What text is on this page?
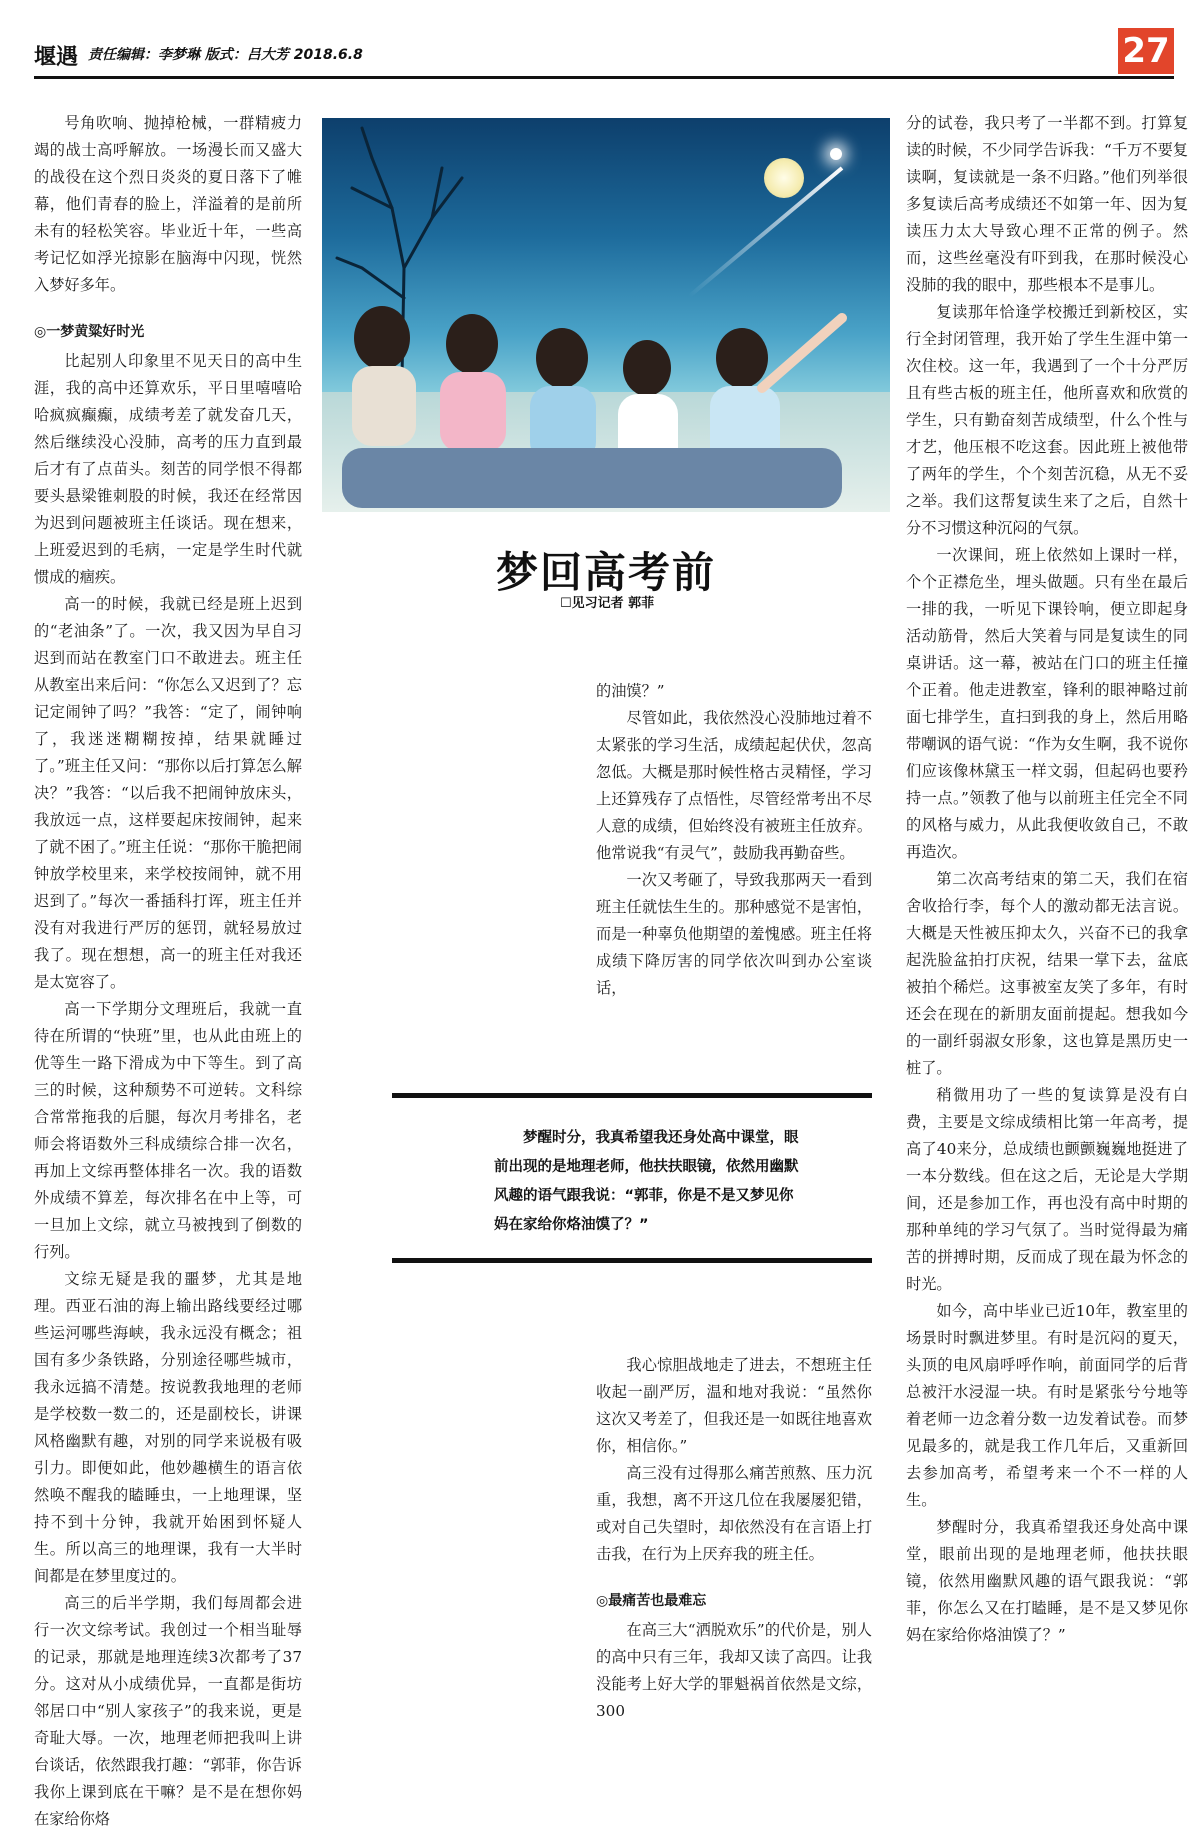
堰遇 责任编辑：李梦琳 版式：吕大芳 2018.6.8	27

号角吹响、抛掉枪械，一群精疲力竭的战士高呼解放。一场漫长而又盛大的战役在这个烈日炎炎的夏日落下了帷幕，他们青春的脸上，洋溢着的是前所未有的轻松笑容。毕业近十年，一些高考记忆如浮光掠影在脑海中闪现，恍然入梦好多年。

◎一梦黄粱好时光

比起别人印象里不见天日的高中生涯，我的高中还算欢乐，平日里嘻嘻哈哈疯疯癫癫，成绩考差了就发奋几天，然后继续没心没肺，高考的压力直到最后才有了点苗头。刻苦的同学恨不得都要头悬梁锥刺股的时候，我还在经常因为迟到问题被班主任谈话。现在想来，上班爱迟到的毛病，一定是学生时代就惯成的痼疾。

高一的时候，我就已经是班上迟到的“老油条”了。一次，我又因为早自习迟到而站在教室门口不敢进去。班主任从教室出来后问：“你怎么又迟到了？忘记定闹钟了吗？”我答：“定了，闹钟响了，我迷迷糊糊按掉，结果就睡过了。”班主任又问：“那你以后打算怎么解决？”我答：“以后我不把闹钟放床头，我放远一点，这样要起床按闹钟，起来了就不困了。”班主任说：“那你干脆把闹钟放学校里来，来学校按闹钟，就不用迟到了。”每次一番插科打诨，班主任并没有对我进行严厉的惩罚，就轻易放过我了。现在想想，高一的班主任对我还是太宽容了。

高一下学期分文理班后，我就一直待在所谓的“快班”里，也从此由班上的优等生一路下滑成为中下等生。到了高三的时候，这种颓势不可逆转。文科综合常常拖我的后腿，每次月考排名，老师会将语数外三科成绩综合排一次名，再加上文综再整体排名一次。我的语数外成绩不算差，每次排名在中上等，可一旦加上文综，就立马被拽到了倒数的行列。

文综无疑是我的噩梦，尤其是地理。西亚石油的海上输出路线要经过哪些运河哪些海峡，我永远没有概念；祖国有多少条铁路，分别途径哪些城市，我永远搞不清楚。按说教我地理的老师是学校数一数二的，还是副校长，讲课风格幽默有趣，对别的同学来说极有吸引力。即便如此，他妙趣横生的语言依然唤不醒我的瞌睡虫，一上地理课，坚持不到十分钟，我就开始困到怀疑人生。所以高三的地理课，我有一大半时间都是在梦里度过的。

高三的后半学期，我们每周都会进行一次文综考试。我创过一个相当耻辱的记录，那就是地理连续3次都考了37分。这对从小成绩优异，一直都是街坊邻居口中“别人家孩子”的我来说，更是奇耻大辱。一次，地理老师把我叫上讲台谈话，依然跟我打趣：“郭菲，你告诉我你上课到底在干嘛？是不是在想你妈在家给你烙

梦回高考前
☐见习记者 郭菲

的油馍？”

尽管如此，我依然没心没肺地过着不太紧张的学习生活，成绩起起伏伏，忽高忽低。大概是那时候性格古灵精怪，学习上还算残存了点悟性，尽管经常考出不尽人意的成绩，但始终没有被班主任放弃。他常说我“有灵气”，鼓励我再勤奋些。

一次又考砸了，导致我那两天一看到班主任就怯生生的。那种感觉不是害怕，而是一种辜负他期望的羞愧感。班主任将成绩下降厉害的同学依次叫到办公室谈话，

梦醒时分，我真希望我还身处高中课堂，眼前出现的是地理老师，他扶扶眼镜，依然用幽默风趣的语气跟我说：“郭菲，你是不是又梦见你妈在家给你烙油馍了？”

我心惊胆战地走了进去，不想班主任收起一副严厉，温和地对我说：“虽然你这次又考差了，但我还是一如既往地喜欢你，相信你。”

高三没有过得那么痛苦煎熬、压力沉重，我想，离不开这几位在我屡屡犯错，或对自己失望时，却依然没有在言语上打击我，在行为上厌弃我的班主任。

◎最痛苦也最难忘

在高三大“洒脱欢乐”的代价是，别人的高中只有三年，我却又读了高四。让我没能考上好大学的罪魁祸首依然是文综，300

分的试卷，我只考了一半都不到。打算复读的时候，不少同学告诉我：“千万不要复读啊，复读就是一条不归路。”他们列举很多复读后高考成绩还不如第一年、因为复读压力太大导致心理不正常的例子。然而，这些丝毫没有吓到我，在那时候没心没肺的我的眼中，那些根本不是事儿。

复读那年恰逢学校搬迁到新校区，实行全封闭管理，我开始了学生生涯中第一次住校。这一年，我遇到了一个十分严厉且有些古板的班主任，他所喜欢和欣赏的学生，只有勤奋刻苦成绩型，什么个性与才艺，他压根不吃这套。因此班上被他带了两年的学生，个个刻苦沉稳，从无不妥之举。我们这帮复读生来了之后，自然十分不习惯这种沉闷的气氛。

一次课间，班上依然如上课时一样，个个正襟危坐，埋头做题。只有坐在最后一排的我，一听见下课铃响，便立即起身活动筋骨，然后大笑着与同是复读生的同桌讲话。这一幕，被站在门口的班主任撞个正着。他走进教室，锋利的眼神略过前面七排学生，直扫到我的身上，然后用略带嘲讽的语气说：“作为女生啊，我不说你们应该像林黛玉一样文弱，但起码也要矜持一点。”领教了他与以前班主任完全不同的风格与威力，从此我便收敛自己，不敢再造次。

第二次高考结束的第二天，我们在宿舍收拾行李，每个人的激动都无法言说。大概是天性被压抑太久，兴奋不已的我拿起洗脸盆拍打庆祝，结果一掌下去，盆底被拍个稀烂。这事被室友笑了多年，有时还会在现在的新朋友面前提起。想我如今的一副纤弱淑女形象，这也算是黑历史一桩了。

稍微用功了一些的复读算是没有白费，主要是文综成绩相比第一年高考，提高了40来分，总成绩也颤颤巍巍地挺进了一本分数线。但在这之后，无论是大学期间，还是参加工作，再也没有高中时期的那种单纯的学习气氛了。当时觉得最为痛苦的拼搏时期，反而成了现在最为怀念的时光。

如今，高中毕业已近10年，教室里的场景时时飘进梦里。有时是沉闷的夏天，头顶的电风扇呼呼作响，前面同学的后背总被汗水浸湿一块。有时是紧张兮兮地等着老师一边念着分数一边发着试卷。而梦见最多的，就是我工作几年后，又重新回去参加高考，希望考来一个不一样的人生。

梦醒时分，我真希望我还身处高中课堂，眼前出现的是地理老师，他扶扶眼镜，依然用幽默风趣的语气跟我说：“郭菲，你怎么又在打瞌睡，是不是又梦见你妈在家给你烙油馍了？”
